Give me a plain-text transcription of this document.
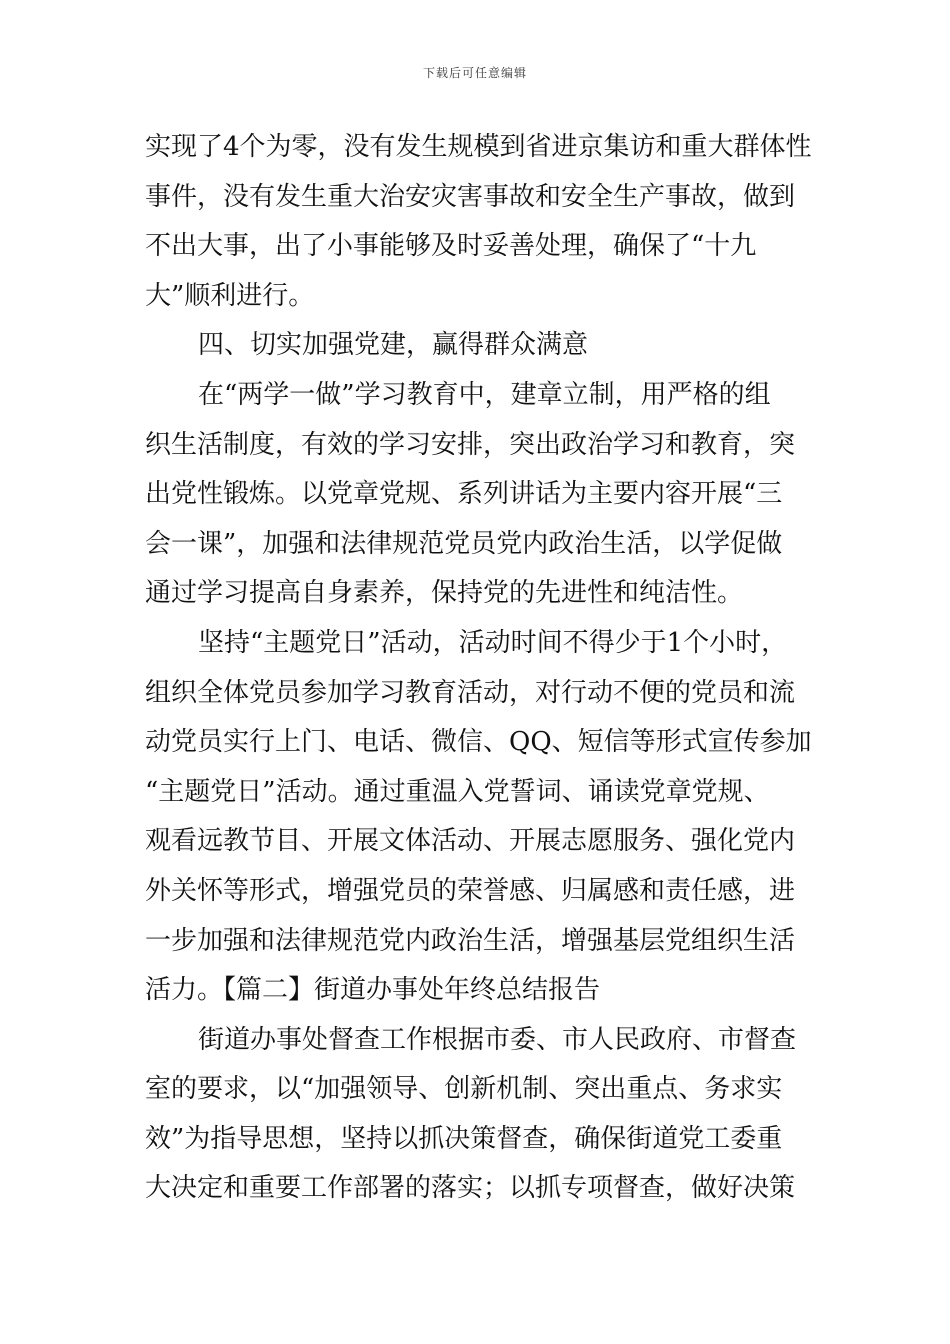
下载后可任意编辑
实现了4个为零，没有发生规模到省进京集访和重大群体性
事件，没有发生重大治安灾害事故和安全生产事故，做到
不出大事，出了小事能够及时妥善处理，确保了“十九
大”顺利进行。
四、切实加强党建，赢得群众满意
在“两学一做”学习教育中，建章立制，用严格的组
织生活制度，有效的学习安排，突出政治学习和教育，突
出党性锻炼。以党章党规、系列讲话为主要内容开展“三
会一课”，加强和法律规范党员党内政治生活，以学促做
通过学习提高自身素养，保持党的先进性和纯洁性。
坚持“主题党日”活动，活动时间不得少于1个小时，
组织全体党员参加学习教育活动，对行动不便的党员和流
动党员实行上门、电话、微信、QQ、短信等形式宣传参加
“主题党日”活动。通过重温入党誓词、诵读党章党规、
观看远教节目、开展文体活动、开展志愿服务、强化党内
外关怀等形式，增强党员的荣誉感、归属感和责任感，进
一步加强和法律规范党内政治生活，增强基层党组织生活
活力。【篇二】街道办事处年终总结报告
街道办事处督查工作根据市委、市人民政府、市督查
室的要求，以“加强领导、创新机制、突出重点、务求实
效”为指导思想，坚持以抓决策督查，确保街道党工委重
大决定和重要工作部署的落实；以抓专项督查，做好决策
